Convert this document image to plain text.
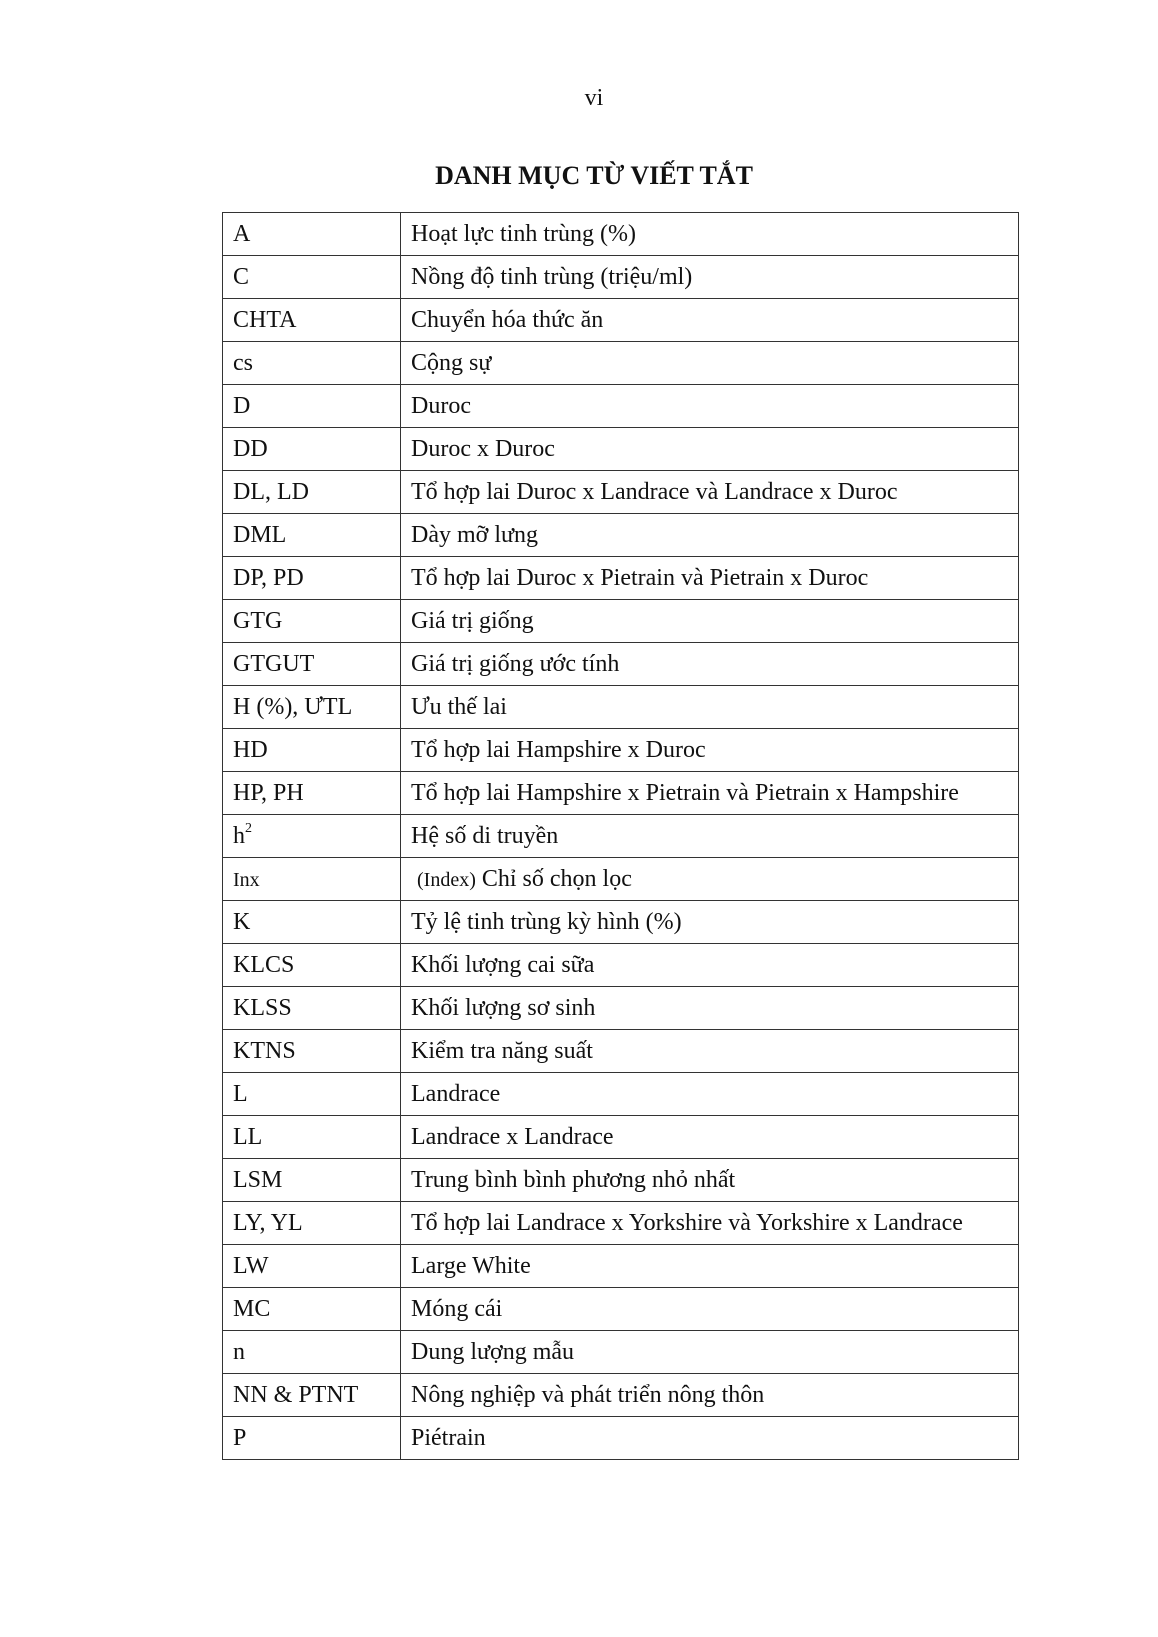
vi
DANH MỤC TỪ VIẾT TẮT
A	Hoạt lực tinh trùng (%)
C	Nồng độ tinh trùng (triệu/ml)
CHTA	Chuyển hóa thức ăn
cs	Cộng sự
D	Duroc
DD	Duroc x Duroc
DL, LD	Tổ hợp lai Duroc x Landrace và Landrace x Duroc
DML	Dày mỡ lưng
DP, PD	Tổ hợp lai Duroc x Pietrain và Pietrain x Duroc
GTG	Giá trị giống
GTGUT	Giá trị giống ước tính
H (%), ƯTL	Ưu thế lai
HD	Tổ hợp lai Hampshire x Duroc
HP, PH	Tổ hợp lai Hampshire x Pietrain và Pietrain x Hampshire
$h^2$	Hệ số di truyền
Inx	(Index) Chỉ số chọn lọc
K	Tỷ lệ tinh trùng kỳ hình (%)
KLCS	Khối lượng cai sữa
KLSS	Khối lượng sơ sinh
KTNS	Kiểm tra năng suất
L	Landrace
LL	Landrace x Landrace
LSM	Trung bình bình phương nhỏ nhất
LY, YL	Tổ hợp lai Landrace x Yorkshire và Yorkshire x Landrace
LW	Large White
MC	Móng cái
n	Dung lượng mẫu
NN & PTNT	Nông nghiệp và phát triển nông thôn
P	Piétrain
